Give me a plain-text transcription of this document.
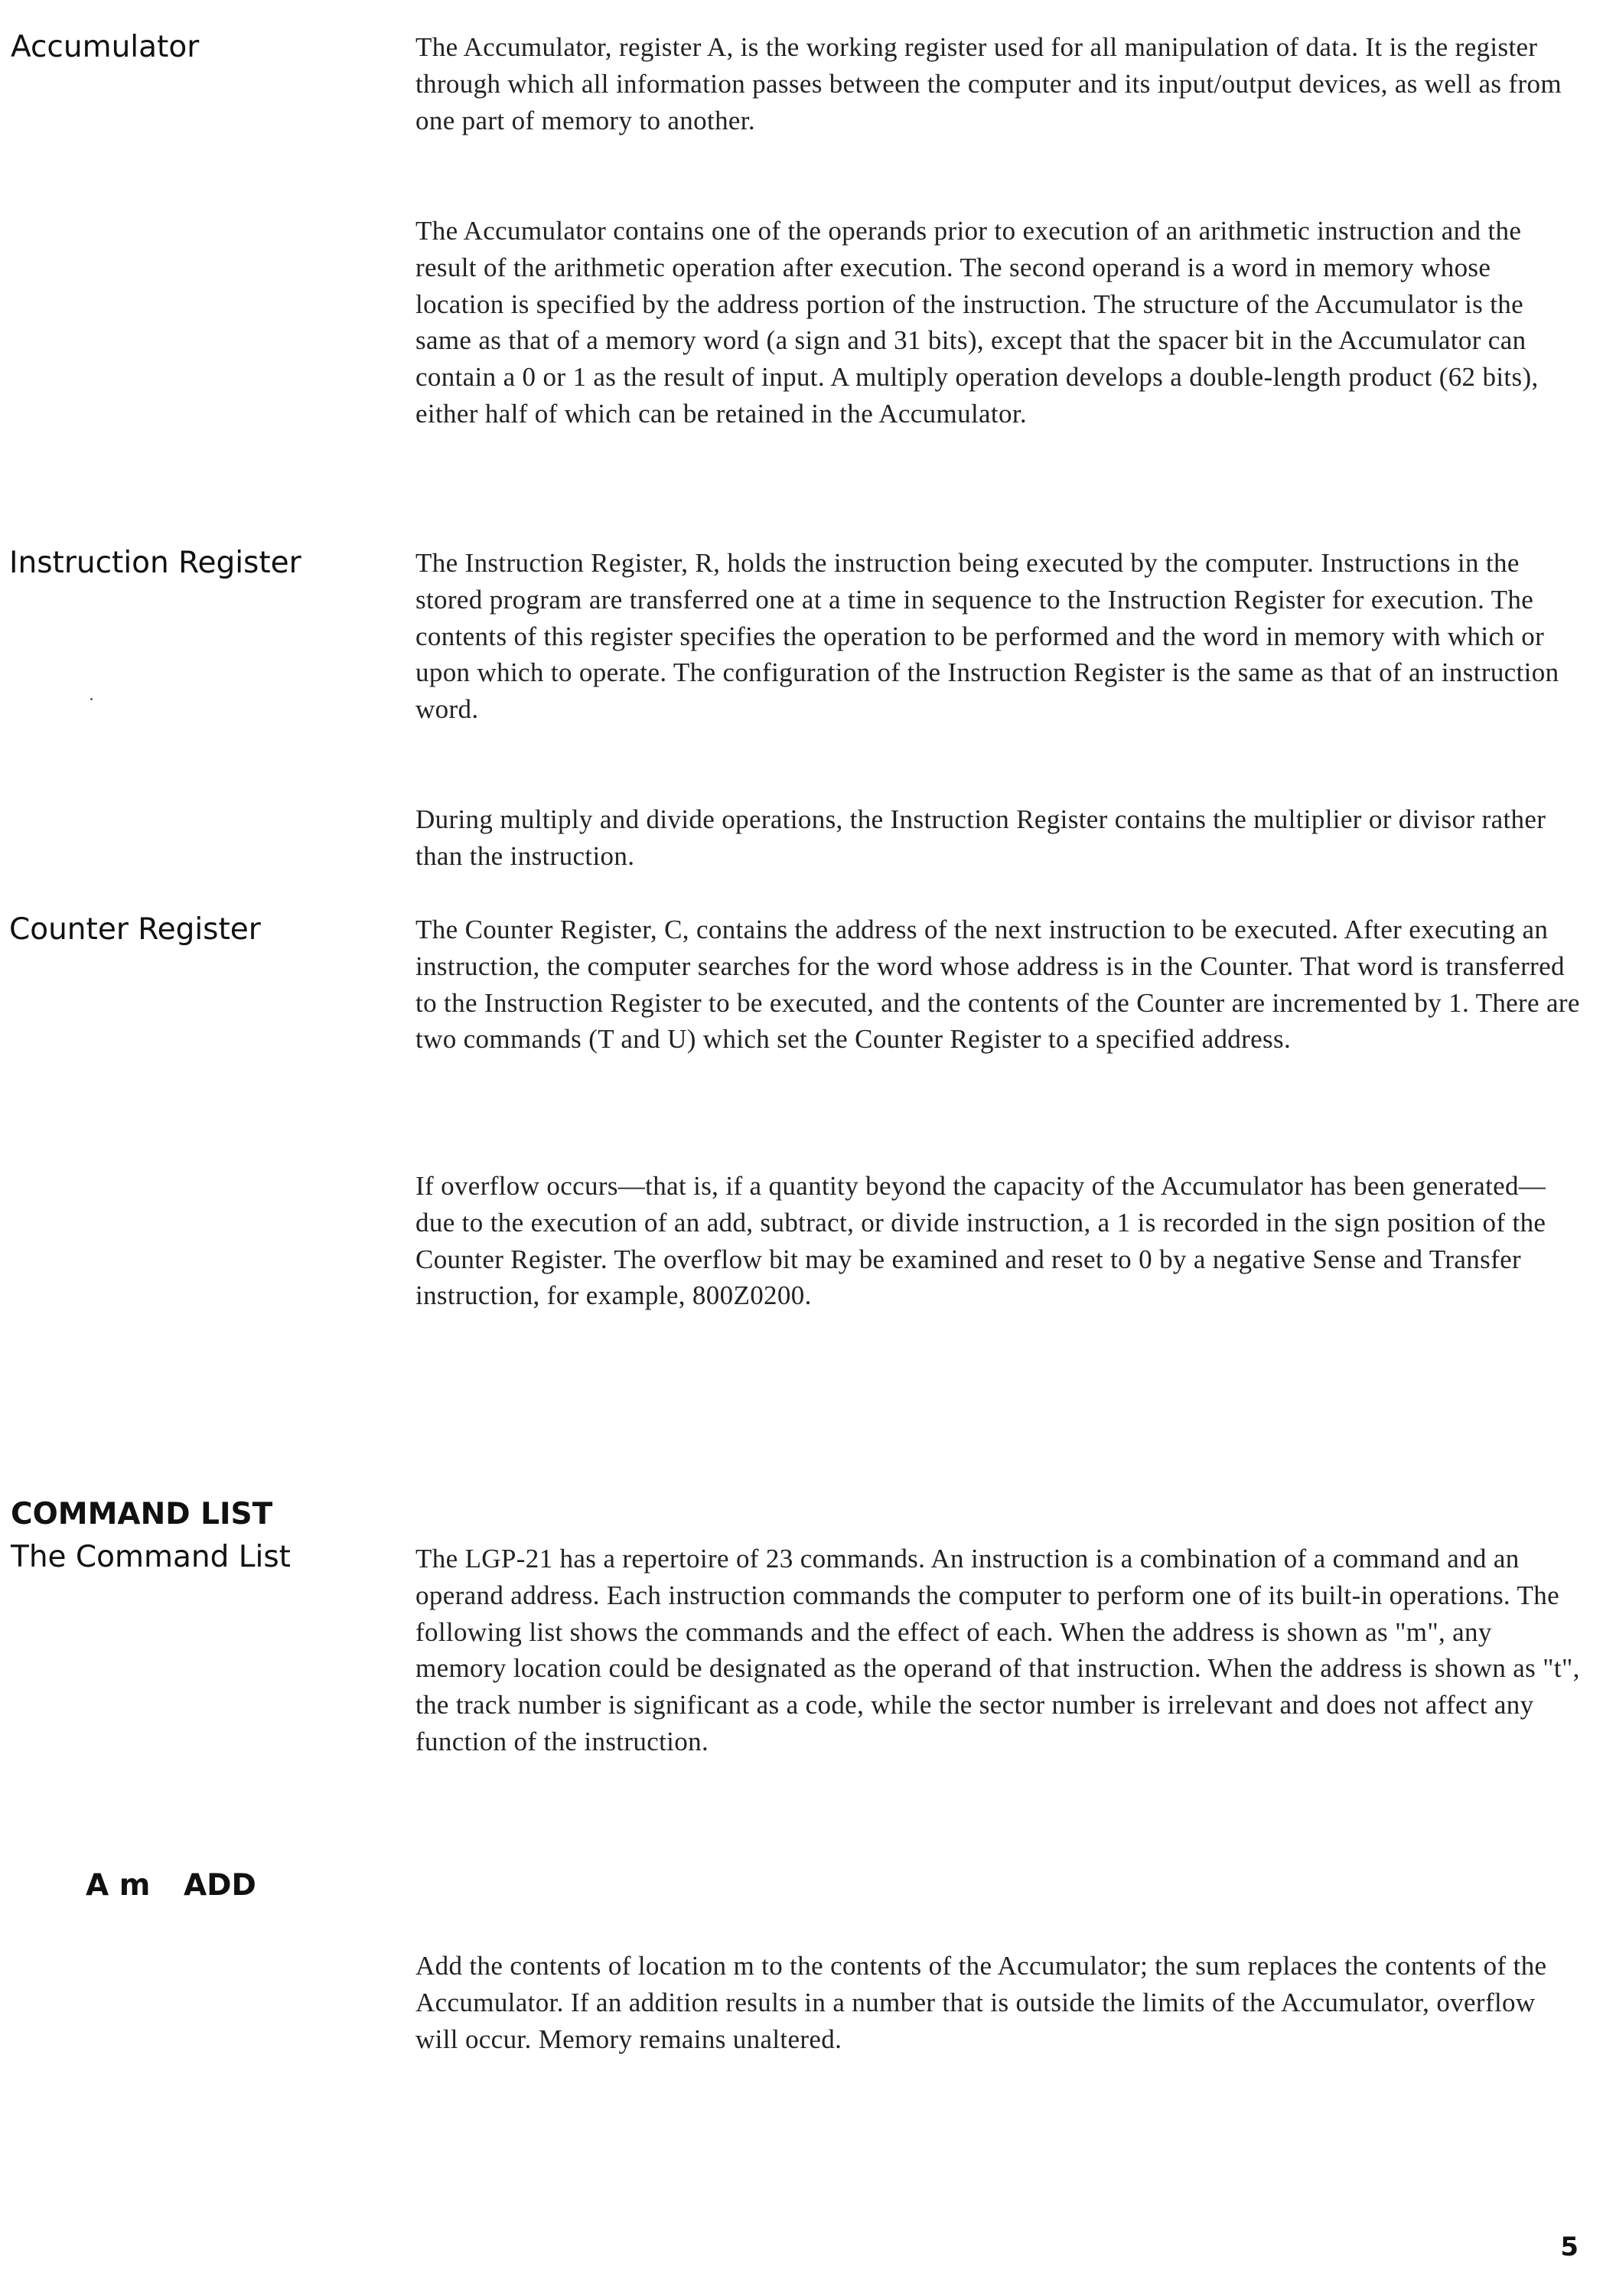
Accumulator	The Accumulator, register A, is the working register used for all manipulation of data. It is the register through which all information passes between the computer and its input/output devices, as well as from one part of memory to another.

The Accumulator contains one of the operands prior to execution of an arithmetic instruction and the result of the arithmetic operation after execution. The second operand is a word in memory whose location is specified by the address portion of the instruction. The structure of the Accumulator is the same as that of a memory word (a sign and 31 bits), except that the spacer bit in the Accumulator can contain a 0 or 1 as the result of input. A multiply operation develops a double-length product (62 bits), either half of which can be retained in the Accumulator.

Instruction Register	The Instruction Register, R, holds the instruction being executed by the computer. Instructions in the stored program are transferred one at a time in sequence to the Instruction Register for execution. The contents of this register specifies the operation to be performed and the word in memory with which or upon which to operate. The configuration of the Instruction Register is the same as that of an instruction word.

During multiply and divide operations, the Instruction Register contains the multiplier or divisor rather than the instruction.

Counter Register	The Counter Register, C, contains the address of the next instruction to be executed. After executing an instruction, the computer searches for the word whose address is in the Counter. That word is transferred to the Instruction Register to be executed, and the contents of the Counter are incremented by 1. There are two commands (T and U) which set the Counter Register to a specified address.

If overflow occurs—that is, if a quantity beyond the capacity of the Accumulator has been generated—due to the execution of an add, subtract, or divide instruction, a 1 is recorded in the sign position of the Counter Register. The overflow bit may be examined and reset to 0 by a negative Sense and Transfer instruction, for example, 800Z0200.

COMMAND LIST
The Command List	The LGP-21 has a repertoire of 23 commands. An instruction is a combination of a command and an operand address. Each instruction commands the computer to perform one of its built-in operations. The following list shows the commands and the effect of each. When the address is shown as "m", any memory location could be designated as the operand of that instruction. When the address is shown as "t", the track number is significant as a code, while the sector number is irrelevant and does not affect any function of the instruction.

A m ADD

Add the contents of location m to the contents of the Accumulator; the sum replaces the contents of the Accumulator. If an addition results in a number that is outside the limits of the Accumulator, overflow will occur. Memory remains unaltered.

5
